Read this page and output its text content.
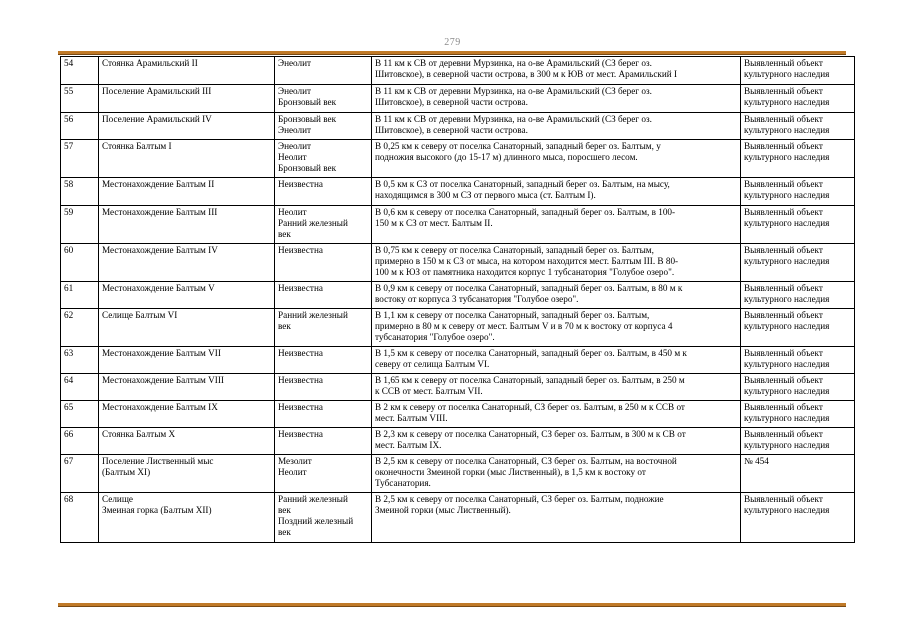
279
54	Стоянка Арамильский II	Энеолит	В 11 км к СВ от деревни Мурзинка, на о-ве Арамильский (СЗ берег оз.
Шитовское), в северной части острова, в 300 м к ЮВ от мест. Арамильский I	Выявленный объект
культурного наследия

55	Поселение Арамильский III	Энеолит
Бронзовый век	В 11 км к СВ от деревни Мурзинка, на о-ве Арамильский (СЗ берег оз.
Шитовское), в северной части острова.	Выявленный объект
культурного наследия

56	Поселение Арамильский IV	Бронзовый век
Энеолит	В 11 км к СВ от деревни Мурзинка, на о-ве Арамильский (СЗ берег оз.
Шитовское), в северной части острова.	Выявленный объект
культурного наследия

57	Стоянка Балтым I	Энеолит
Неолит
Бронзовый век	В 0,25 км к северу от поселка Санаторный, западный берег оз. Балтым, у
подножия высокого (до 15-17 м) длинного мыса, поросшего лесом.	Выявленный объект
культурного наследия

58	Местонахождение Балтым II	Неизвестна	В 0,5 км к СЗ от поселка Санаторный, западный берег оз. Балтым, на мысу,
находящимся в 300 м СЗ от первого мыса (ст. Балтым I).	Выявленный объект
культурного наследия

59	Местонахождение Балтым III	Неолит
Ранний железный
век	В 0,6 км к северу от поселка Санаторный, западный берег оз. Балтым, в 100-
150 м к СЗ от мест. Балтым II.	Выявленный объект
культурного наследия

60	Местонахождение Балтым IV	Неизвестна	В 0,75 км к северу от поселка Санаторный, западный берег оз. Балтым,
примерно в 150 м к СЗ от мыса, на котором находится мест. Балтым III. В 80-
100 м к ЮЗ от памятника находится корпус 1 тубсанатория "Голубое озеро".	Выявленный объект
культурного наследия

61	Местонахождение Балтым V	Неизвестна	В 0,9 км к северу от поселка Санаторный, западный берег оз. Балтым, в 80 м к
востоку от корпуса 3 тубсанатория "Голубое озеро".	Выявленный объект
культурного наследия

62	Селище Балтым VI	Ранний железный
век	В 1,1 км к северу от поселка Санаторный, западный берег оз. Балтым,
примерно в 80 м к северу от мест. Балтым V и в 70 м к востоку от корпуса 4
тубсанатория "Голубое озеро".	Выявленный объект
культурного наследия

63	Местонахождение Балтым VII	Неизвестна	В 1,5 км к северу от поселка Санаторный, западный берег оз. Балтым, в 450 м к
северу от селища Балтым VI.	Выявленный объект
культурного наследия

64	Местонахождение Балтым VIII	Неизвестна	В 1,65 км к северу от поселка Санаторный, западный берег оз. Балтым, в 250 м
к ССВ от мест. Балтым VII.	Выявленный объект
культурного наследия

65	Местонахождение Балтым IX	Неизвестна	В 2 км к северу от поселка Санаторный, СЗ берег оз. Балтым, в 250 м к ССВ от
мест. Балтым VIII.	Выявленный объект
культурного наследия

66	Стоянка Балтым X	Неизвестна	В 2,3 км к северу от поселка Санаторный, СЗ берег оз. Балтым, в 300 м к СВ от
мест. Балтым IX.	Выявленный объект
культурного наследия

67	Поселение Лиственный мыс
(Балтым XI)	Мезолит
Неолит	В 2,5 км к северу от поселка Санаторный, СЗ берег оз. Балтым, на восточной
оконечности Змеиной горки (мыс Лиственный), в 1,5 км к востоку от
Тубсанатория.	№ 454

68	Селище
Змеиная горка (Балтым XII)	Ранний железный
век
Поздний железный
век	В 2,5 км к северу от поселка Санаторный, СЗ берег оз. Балтым, подножие
Змеиной горки (мыс Лиственный).	Выявленный объект
культурного наследия
